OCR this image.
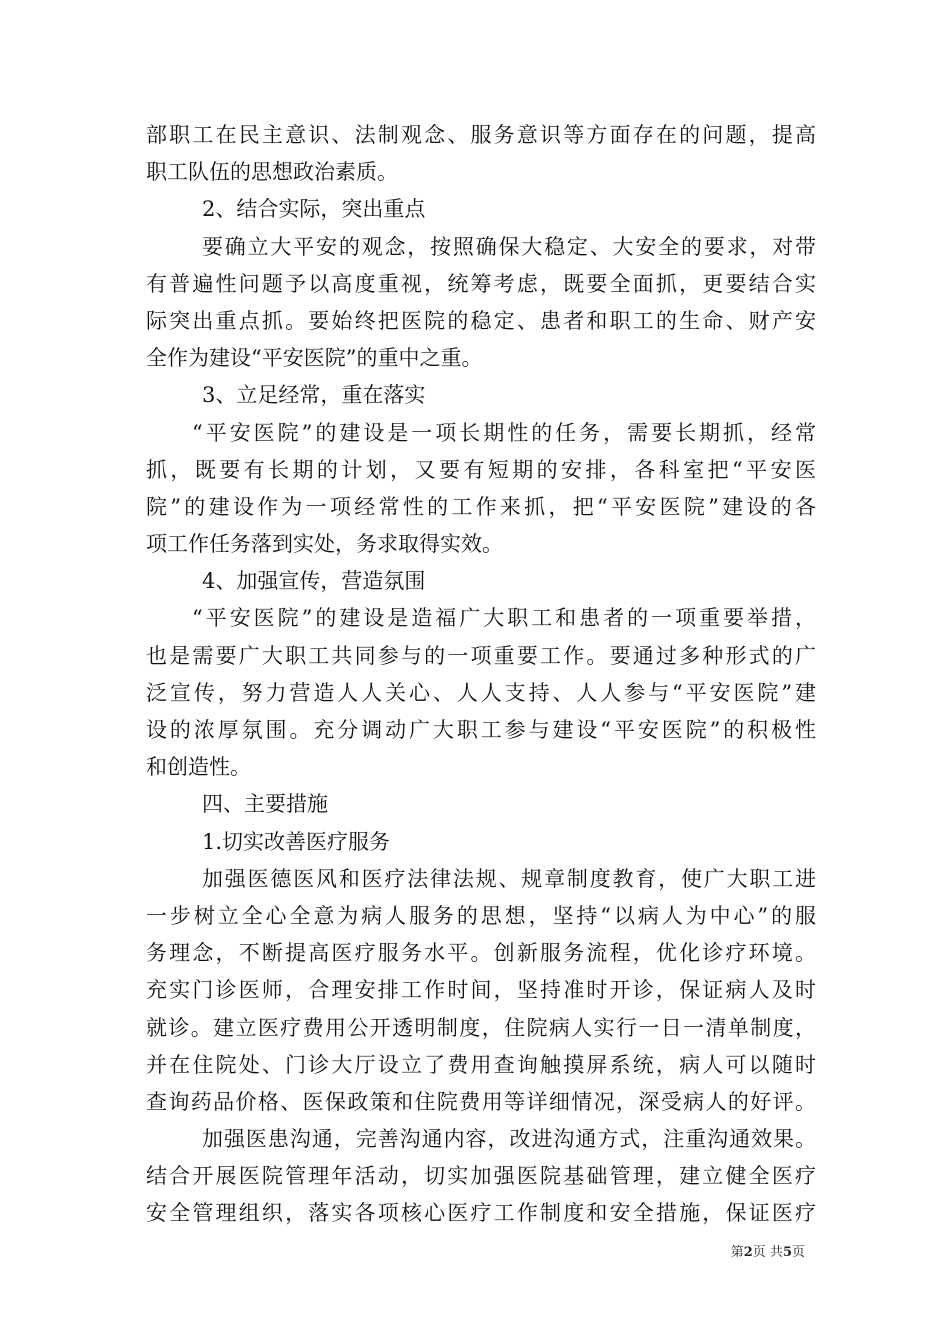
部职工在民主意识、法制观念、服务意识等方面存在的问题，提高
职工队伍的思想政治素质。
2、结合实际，突出重点
要确立大平安的观念，按照确保大稳定、大安全的要求，对带
有普遍性问题予以高度重视，统筹考虑，既要全面抓，更要结合实
际突出重点抓。要始终把医院的稳定、患者和职工的生命、财产安
全作为建设“平安医院”的重中之重。
3、立足经常，重在落实
“平安医院”的建设是一项长期性的任务，需要长期抓，经常
抓，既要有长期的计划，又要有短期的安排，各科室把“平安医
院”的建设作为一项经常性的工作来抓，把“平安医院”建设的各
项工作任务落到实处，务求取得实效。
4、加强宣传，营造氛围
“平安医院”的建设是造福广大职工和患者的一项重要举措，
也是需要广大职工共同参与的一项重要工作。要通过多种形式的广
泛宣传，努力营造人人关心、人人支持、人人参与“平安医院”建
设的浓厚氛围。充分调动广大职工参与建设“平安医院”的积极性
和创造性。
四、主要措施
1.切实改善医疗服务
加强医德医风和医疗法律法规、规章制度教育，使广大职工进
一步树立全心全意为病人服务的思想，坚持“以病人为中心”的服
务理念，不断提高医疗服务水平。创新服务流程，优化诊疗环境。
充实门诊医师，合理安排工作时间，坚持准时开诊，保证病人及时
就诊。建立医疗费用公开透明制度，住院病人实行一日一清单制度，
并在住院处、门诊大厅设立了费用查询触摸屏系统，病人可以随时
查询药品价格、医保政策和住院费用等详细情况，深受病人的好评。
加强医患沟通，完善沟通内容，改进沟通方式，注重沟通效果。
结合开展医院管理年活动，切实加强医院基础管理，建立健全医疗
安全管理组织，落实各项核心医疗工作制度和安全措施，保证医疗
第2页 共5页
